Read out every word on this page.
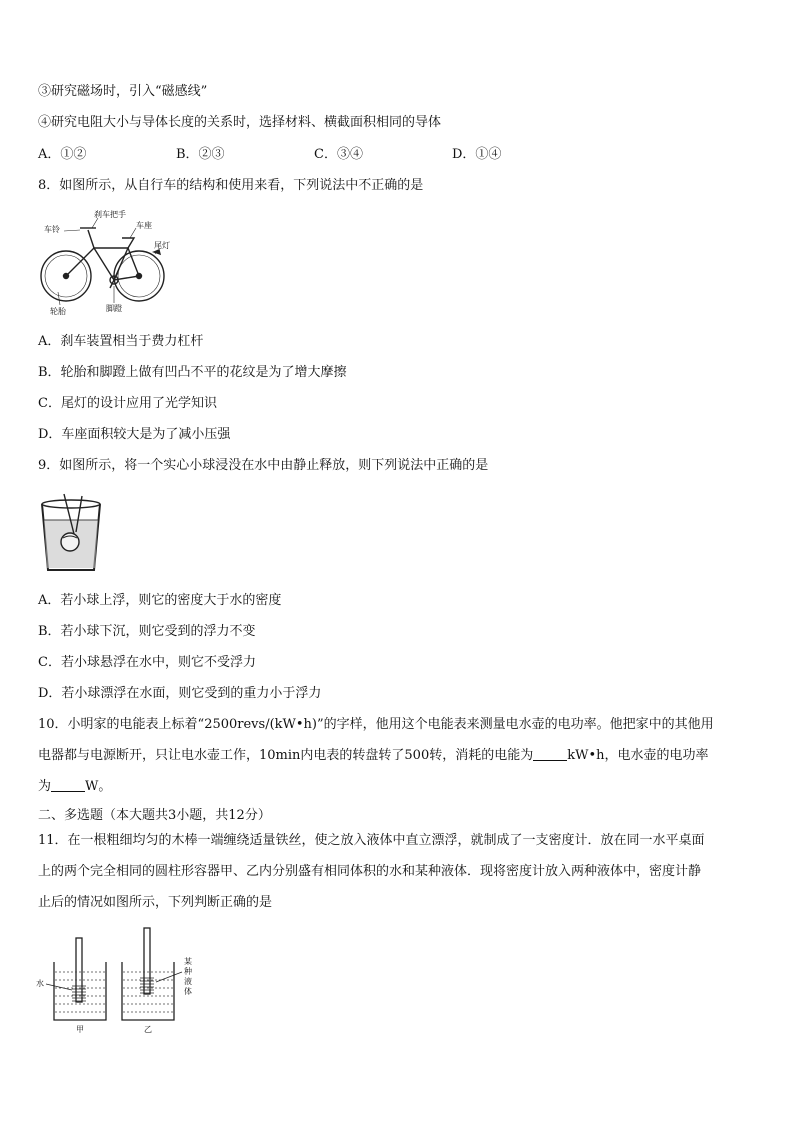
③研究磁场时，引入“磁感线”
④研究电阻大小与导体长度的关系时，选择材料、横截面积相同的导体
A．①②	B．②③	C．③④	D．①④
8．如图所示，从自行车的结构和使用来看，下列说法中不正确的是
车铃
刹车把手
车座
尾灯
轮胎	脚蹬
A．刹车装置相当于费力杠杆
B．轮胎和脚蹬上做有凹凸不平的花纹是为了增大摩擦
C．尾灯的设计应用了光学知识
D．车座面积较大是为了减小压强
9．如图所示，将一个实心小球浸没在水中由静止释放，则下列说法中正确的是
A．若小球上浮，则它的密度大于水的密度
B．若小球下沉，则它受到的浮力不变
C．若小球悬浮在水中，则它不受浮力
D．若小球漂浮在水面，则它受到的重力小于浮力
10．小明家的电能表上标着“2500revs/(kW•h)”的字样，他用这个电能表来测量电水壶的电功率。他把家中的其他用
电器都与电源断开，只让电水壶工作，10min内电表的转盘转了500转，消耗的电能为	kW•h，电水壶的电功率
为	W。
二、多选题（本大题共3小题，共12分）
11．在一根粗细均匀的木棒一端缠绕适量铁丝，使之放入液体中直立漂浮，就制成了一支密度计．放在同一水平桌面
上的两个完全相同的圆柱形容器甲、乙内分别盛有相同体积的水和某种液体．现将密度计放入两种液体中，密度计静
止后的情况如图所示，下列判断正确的是
水
某
种
液
体
甲	乙
